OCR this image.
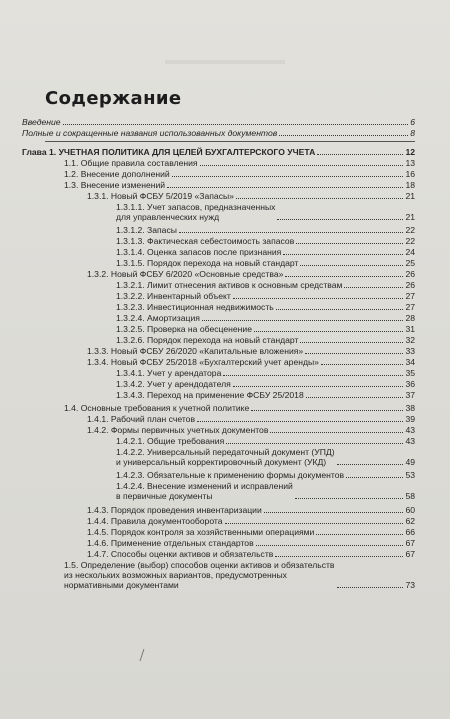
Содержание
Введение	6
Полные и сокращенные названия использованных документов	8
Глава 1. УЧЕТНАЯ ПОЛИТИКА ДЛЯ ЦЕЛЕЙ БУХГАЛТЕРСКОГО УЧЕТА	12
1.1. Общие правила составления	13
1.2. Внесение дополнений	16
1.3. Внесение изменений	18
1.3.1. Новый ФСБУ 5/2019 «Запасы»	21
1.3.1.1. Учет запасов, предназначенных
для управленческих нужд	21
1.3.1.2. Запасы	22
1.3.1.3. Фактическая себестоимость запасов	22
1.3.1.4. Оценка запасов после признания	24
1.3.1.5. Порядок перехода на новый стандарт	25
1.3.2. Новый ФСБУ 6/2020 «Основные средства»	26
1.3.2.1. Лимит отнесения активов к основным средствам	26
1.3.2.2. Инвентарный объект	27
1.3.2.3. Инвестиционная недвижимость	27
1.3.2.4. Амортизация	28
1.3.2.5. Проверка на обесценение	31
1.3.2.6. Порядок перехода на новый стандарт	32
1.3.3. Новый ФСБУ 26/2020 «Капитальные вложения»	33
1.3.4. Новый ФСБУ 25/2018 «Бухгалтерский учет аренды»	34
1.3.4.1. Учет у арендатора	35
1.3.4.2. Учет у арендодателя	36
1.3.4.3. Переход на применение ФСБУ 25/2018	37
1.4. Основные требования к учетной политике	38
1.4.1. Рабочий план счетов	39
1.4.2. Формы первичных учетных документов	43
1.4.2.1. Общие требования	43
1.4.2.2. Универсальный передаточный документ (УПД)
и универсальный корректировочный документ (УКД)	49
1.4.2.3. Обязательные к применению формы документов	53
1.4.2.4. Внесение изменений и исправлений
в первичные документы	58
1.4.3. Порядок проведения инвентаризации	60
1.4.4. Правила документооборота	62
1.4.5. Порядок контроля за хозяйственными операциями	66
1.4.6. Применение отдельных стандартов	67
1.4.7. Способы оценки активов и обязательств	67
1.5. Определение (выбор) способов оценки активов и обязательств
из нескольких возможных вариантов, предусмотренных
нормативными документами	73
